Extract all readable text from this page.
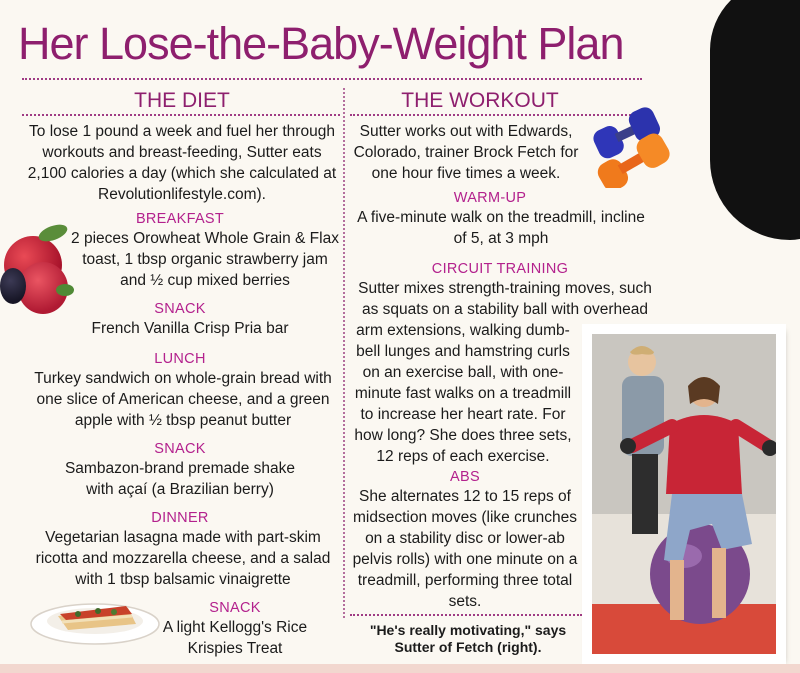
Her Lose-the-Baby-Weight Plan
THE DIET	THE WORKOUT
To lose 1 pound a week and fuel her through workouts and breast-feeding, Sutter eats 2,100 calories a day (which she calculated at Revolutionlifestyle.com).
BREAKFAST
2 pieces Orowheat Whole Grain & Flax toast, 1 tbsp organic strawberry jam and ½ cup mixed berries
SNACK
French Vanilla Crisp Pria bar
LUNCH
Turkey sandwich on whole-grain bread with one slice of American cheese, and a green apple with ½ tbsp peanut butter
SNACK
Sambazon-brand premade shake with açaí (a Brazilian berry)
DINNER
Vegetarian lasagna made with part-skim ricotta and mozzarella cheese, and a salad with 1 tbsp balsamic vinaigrette
SNACK
A light Kellogg's Rice Krispies Treat
Sutter works out with Edwards, Colorado, trainer Brock Fetch for one hour five times a week.
WARM-UP
A five-minute walk on the treadmill, incline of 5, at 3 mph
CIRCUIT TRAINING
Sutter mixes strength-training moves, such as squats on a stability ball with overhead
arm extensions, walking dumb-bell lunges and hamstring curls on an exercise ball, with one-minute fast walks on a treadmill to increase her heart rate. For how long? She does three sets, 12 reps of each exercise.
ABS
She alternates 12 to 15 reps of midsection moves (like crunches on a stability disc or lower-ab pelvis rolls) with one minute on a treadmill, performing three total sets.
"He's really motivating," says Sutter of Fetch (right).
